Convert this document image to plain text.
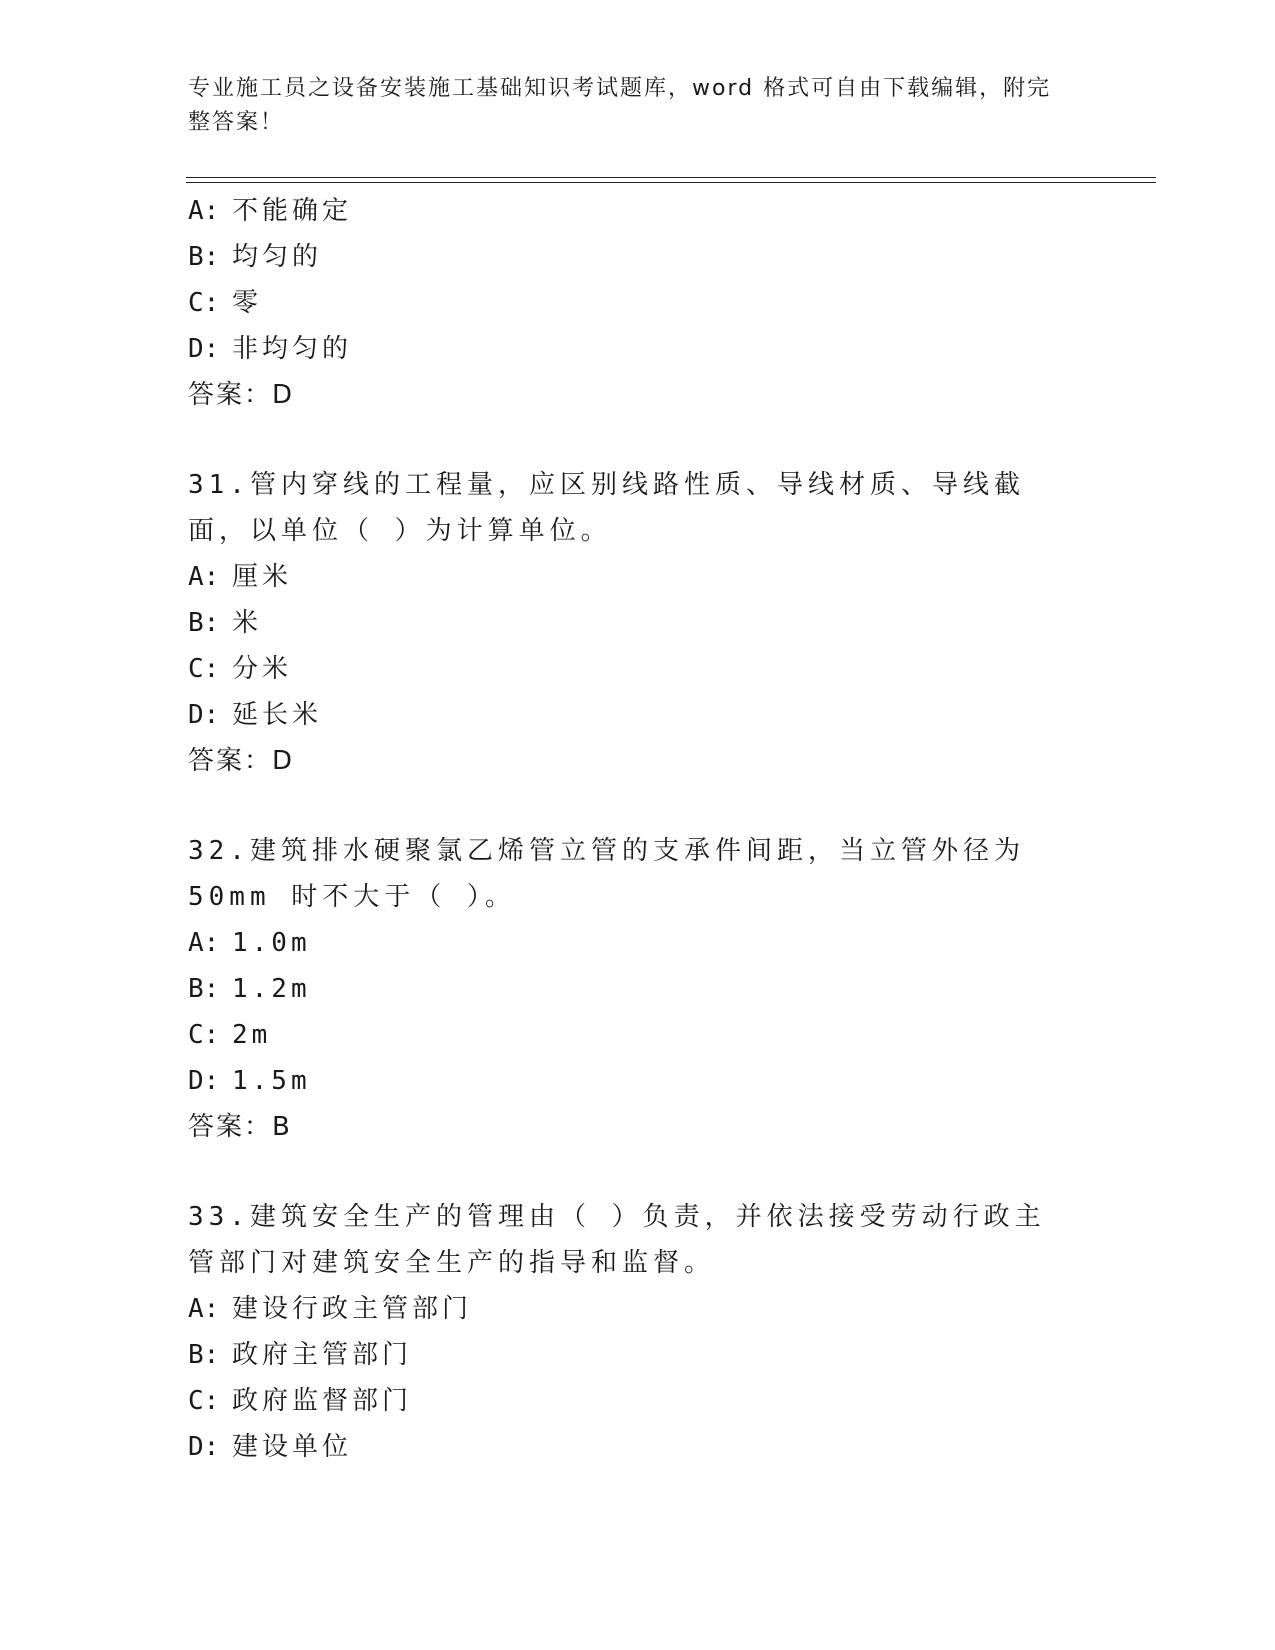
专业施工员之设备安装施工基础知识考试题库，word 格式可自由下载编辑，附完整答案！
A: 不能确定
B: 均匀的
C: 零
D: 非均匀的
答案：D
31.管内穿线的工程量，应区别线路性质、导线材质、导线截面，以单位（ ）为计算单位。
A: 厘米
B: 米
C: 分米
D: 延长米
答案：D
32.建筑排水硬聚氯乙烯管立管的支承件间距，当立管外径为 50mm 时不大于（ ）。
A: 1.0m
B: 1.2m
C: 2m
D: 1.5m
答案：B
33.建筑安全生产的管理由（ ）负责，并依法接受劳动行政主管部门对建筑安全生产的指导和监督。
A: 建设行政主管部门
B: 政府主管部门
C: 政府监督部门
D: 建设单位
